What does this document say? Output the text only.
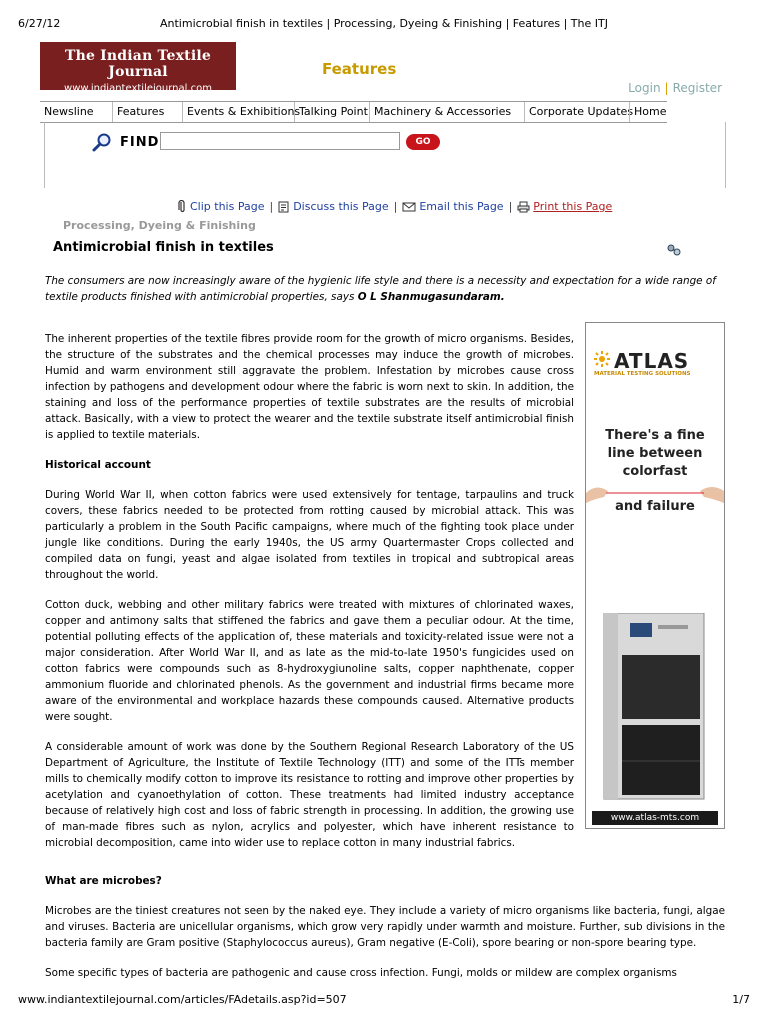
6/27/12	Antimicrobial finish in textiles | Processing, Dyeing & Finishing | Features | The ITJ
The Indian Textile Journal
www.indiantextilejournal.com
Features
Login | Register
Newsline	Features	Events & Exhibitions
Talking Point Machinery & Accessories	Corporate Updates Home
FIND	GO
Clip this Page | Discuss this Page | Email this Page | Print this Page
Processing, Dyeing & Finishing
Antimicrobial finish in textiles
The consumers are now increasingly aware of the hygienic life style and there is a necessity and expectation for a wide range of textile products finished with antimicrobial properties, says O L Shanmugasundaram.

The inherent properties of the textile fibres provide room for the growth of micro organisms. Besides, the structure of the substrates and the chemical processes may induce the growth of microbes. Humid and warm environment still aggravate the problem. Infestation by microbes cause cross infection by pathogens and development odour where the fabric is worn next to skin. In addition, the staining and loss of the performance properties of textile substrates are the results of microbial attack. Basically, with a view to protect the wearer and the textile substrate itself antimicrobial finish is applied to textile materials.

Historical account

During World War II, when cotton fabrics were used extensively for tentage, tarpaulins and truck covers, these fabrics needed to be protected from rotting caused by microbial attack. This was particularly a problem in the South Pacific campaigns, where much of the fighting took place under jungle like conditions. During the early 1940s, the US army Quartermaster Crops collected and compiled data on fungi, yeast and algae isolated from textiles in tropical and subtropical areas throughout the world.

Cotton duck, webbing and other military fabrics were treated with mixtures of chlorinated waxes, copper and antimony salts that stiffened the fabrics and gave them a peculiar odour. At the time, potential polluting effects of the application of, these materials and toxicity-related issue were not a major consideration. After World War II, and as late as the mid-to-late 1950's fungicides used on cotton fabrics were compounds such as 8-hydroxygiunoline salts, copper naphthenate, copper ammonium fluoride and chlorinated phenols. As the government and industrial firms became more aware of the environmental and workplace hazards these compounds caused. Alternative products were sought.

A considerable amount of work was done by the Southern Regional Research Laboratory of the US Department of Agriculture, the Institute of Textile Technology (ITT) and some of the ITTs member mills to chemically modify cotton to improve its resistance to rotting and improve other properties by acetylation and cyanoethylation of cotton. These treatments had limited industry acceptance because of relatively high cost and loss of fabric strength in processing. In addition, the growing use of man-made fibres such as nylon, acrylics and polyester, which have inherent resistance to microbial decomposition, came into wider use to replace cotton in many industrial fabrics.

What are microbes?

Microbes are the tiniest creatures not seen by the naked eye. They include a variety of micro organisms like bacteria, fungi, algae and viruses. Bacteria are unicellular organisms, which grow very rapidly under warmth and moisture. Further, sub divisions in the bacteria family are Gram positive (Staphylococcus aureus), Gram negative (E-Coli), spore bearing or non-spore bearing type.

Some specific types of bacteria are pathogenic and cause cross infection. Fungi, molds or mildew are complex organisms

ATLAS
MATERIAL TESTING SOLUTIONS
There's a fine
line between
colorfast
and failure
www.atlas-mts.com
www.indiantextilejournal.com/articles/FAdetails.asp?id=507	1/7
